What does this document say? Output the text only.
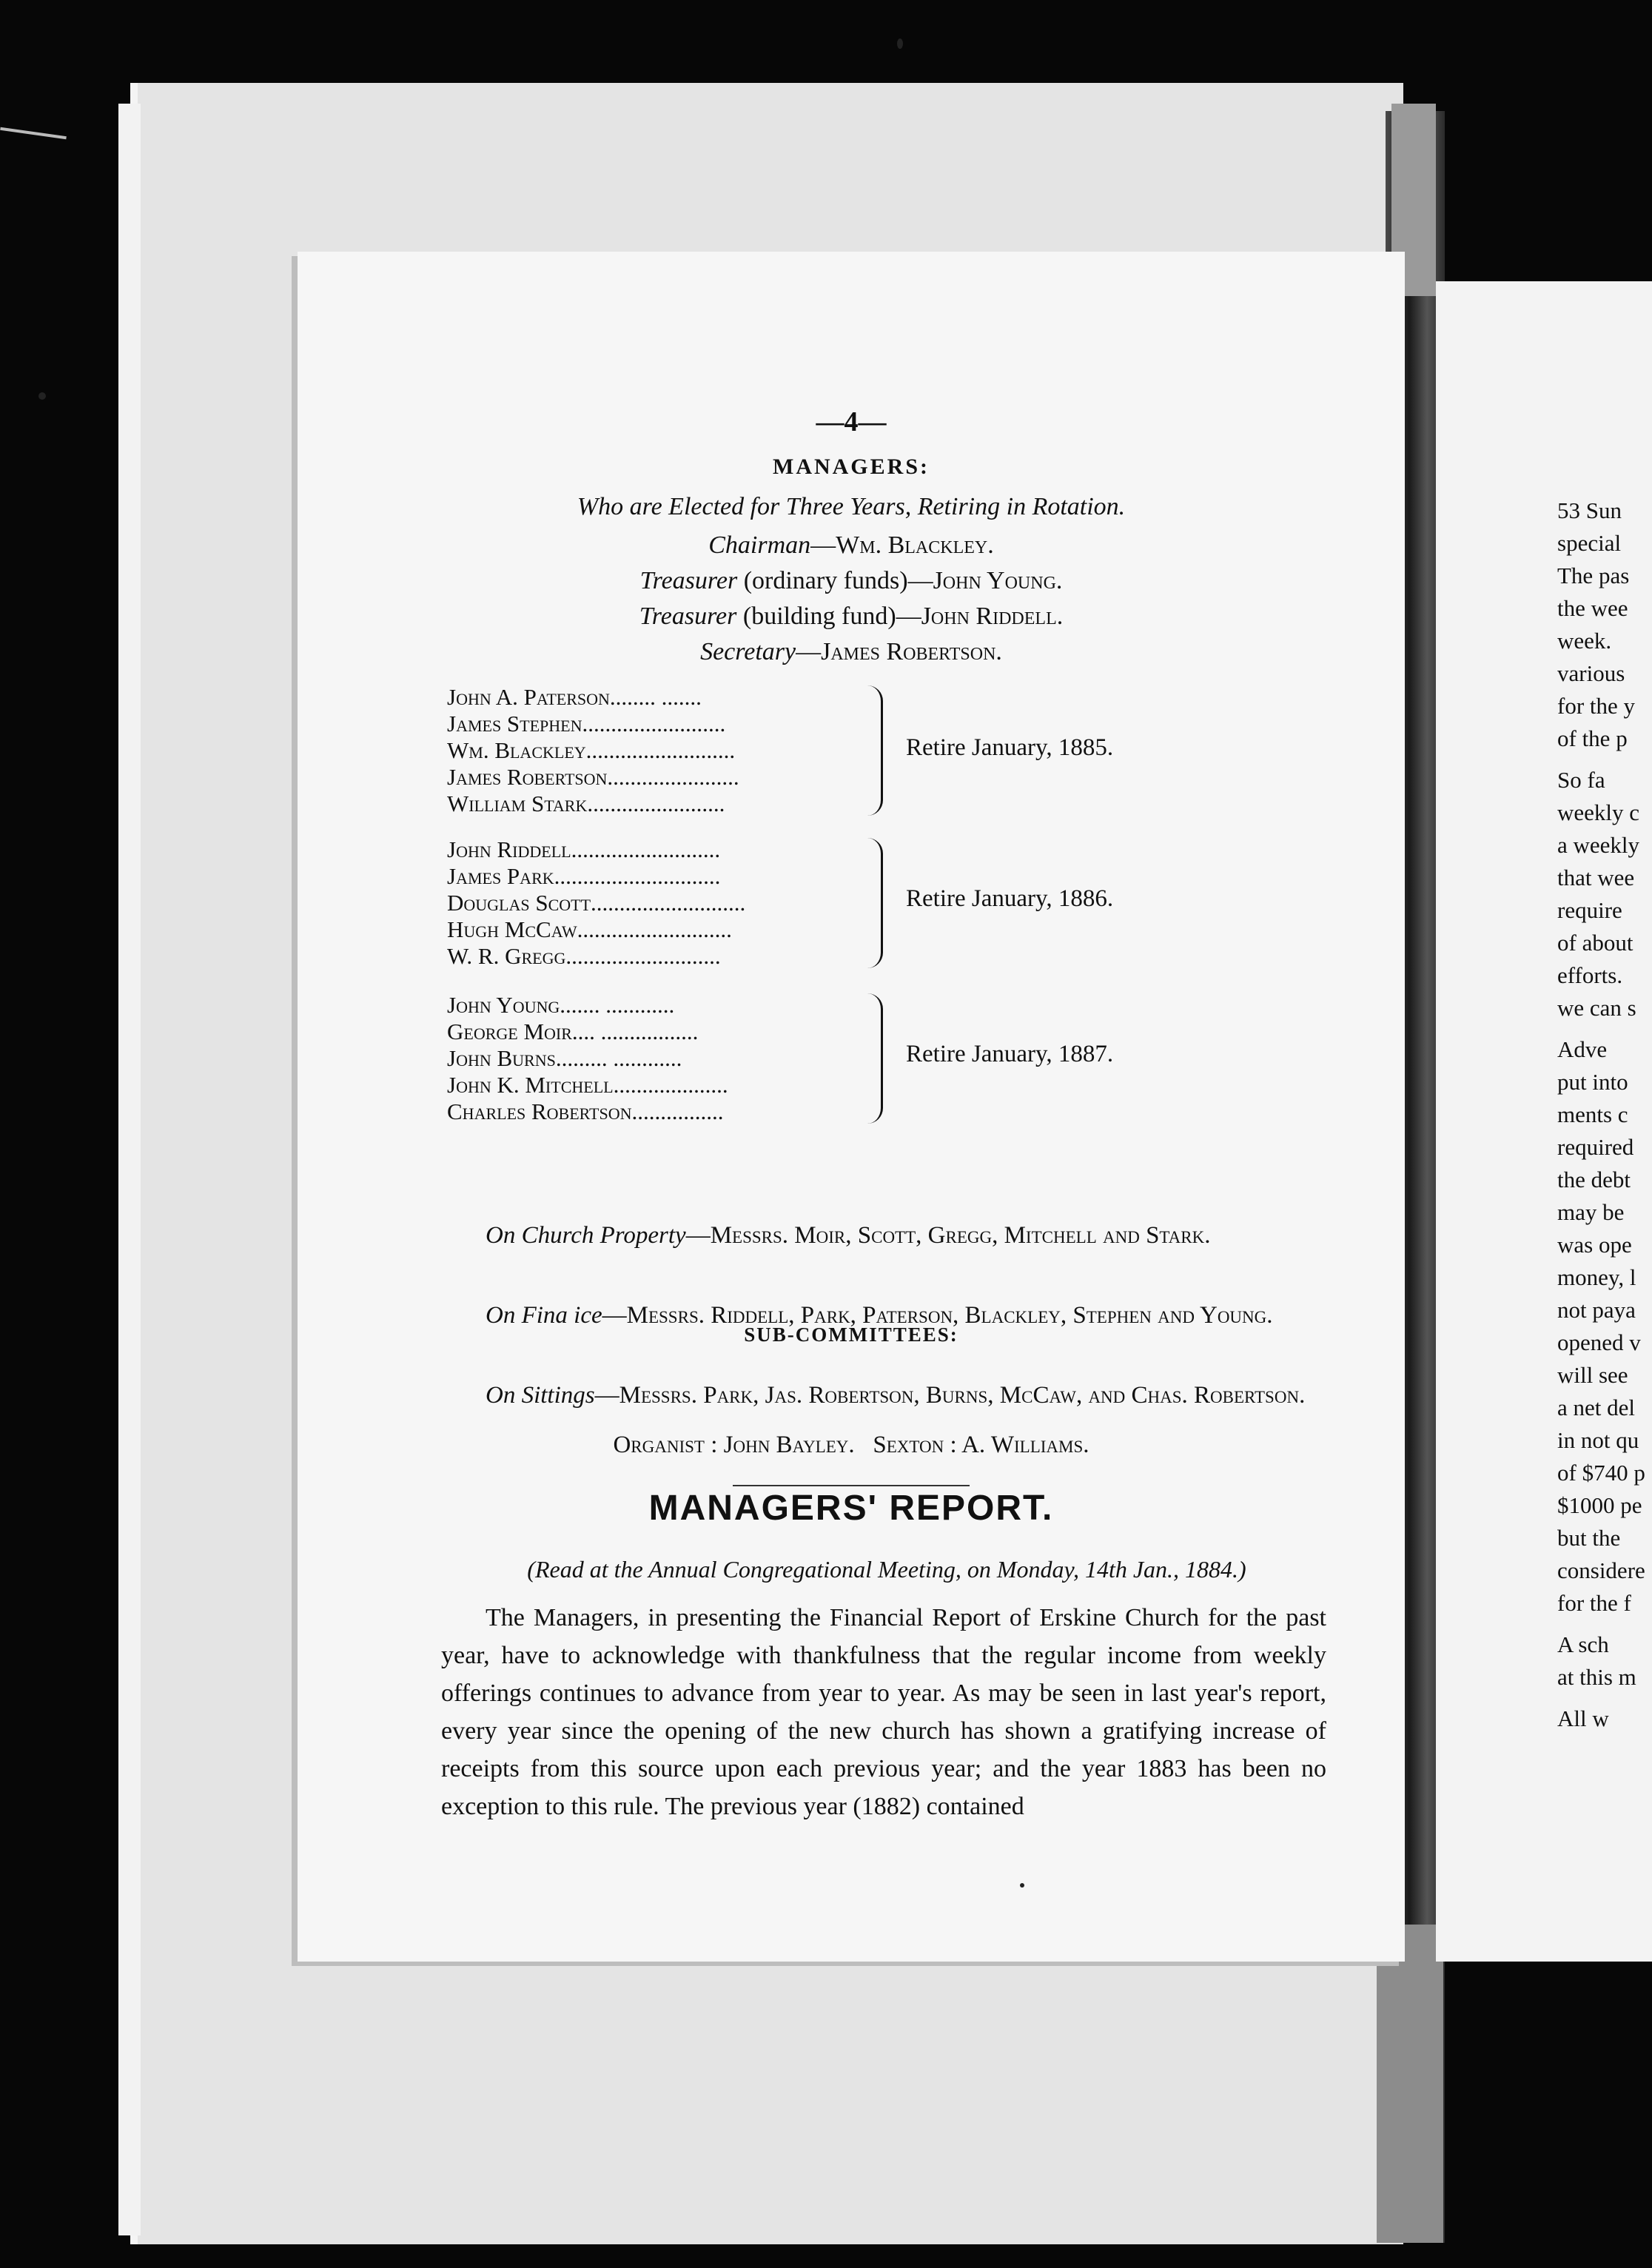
53 Sun
special
The pas
the wee
week.
various
for the y
of the p
So fa
weekly c
a weekly
that wee
require
of about
efforts.
we can s
Adve
put into
ments c
required
the debt
may be
was ope
money, l
not paya
opened v
will see
a net del
in not qu
of $740 p
$1000 pe
but the
considere
for the f
A sch
at this m
All w
—4—
MANAGERS:
Who are Elected for Three Years, Retiring in Rotation.
Chairman—Wm. Blackley.
Treasurer (ordinary funds)—John Young.
Treasurer (building fund)—John Riddell.
Secretary—James Robertson.
John A. Paterson........ .......
James Stephen.........................
Wm. Blackley..........................
James Robertson.......................
William Stark........................
Retire January, 1885.
John Riddell..........................
James Park.............................
Douglas Scott...........................
Hugh McCaw...........................
W. R. Gregg...........................
Retire January, 1886.
John Young....... ............
George Moir.... .................
John Burns......... ............
John K. Mitchell....................
Charles Robertson................
Retire January, 1887.
SUB-COMMITTEES:
On Church Property—Messrs. Moir, Scott, Gregg, Mitchell and Stark.
On Fina ice—Messrs. Riddell, Park, Paterson, Blackley, Stephen and Young.
On Sittings—Messrs. Park, Jas. Robertson, Burns, McCaw, and Chas. Robertson.
Organist : John Bayley.   Sexton : A. Williams.
MANAGERS' REPORT.
(Read at the Annual Congregational Meeting, on Monday, 14th Jan., 1884.)
The Managers, in presenting the Financial Report of Erskine Church for the past year, have to acknowledge with thankfulness that the regular income from weekly offerings continues to advance from year to year. As may be seen in last year's report, every year since the opening of the new church has shown a gratifying increase of receipts from this source upon each previous year; and the year 1883 has been no exception to this rule. The previous year (1882) contained
